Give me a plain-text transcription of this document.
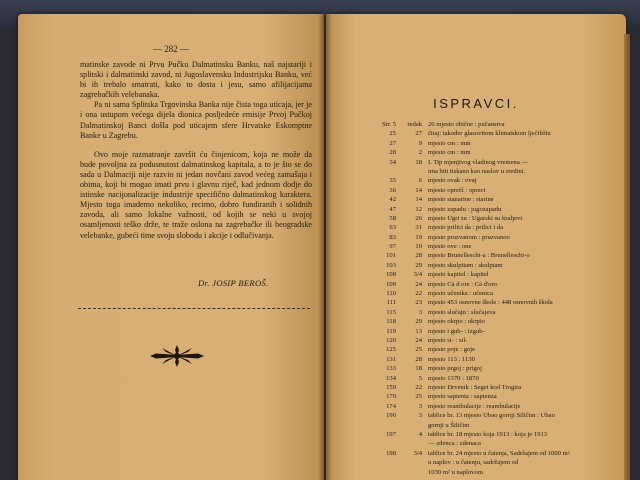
— 282 —

matinske zavode ni Prvu Pučku Dalmatinsku Banku, naš najstariji i splitski i dalmatinski zavod, ni Jugoslavensku Industrijsku Banku, već bi ih trebalo smatrati, kako to dosta i jesu, samo afilijacijama zagrebačkih velebanaka.

Pa ni sama Splitska Trgovinska Banka nije čista toga uticaja, jer je i ona ustupom većega dijela dionica posljedeće emisije Prvoj Pučkoj Dalmatinskoj Banci došla pod uticajem sfere Hrvatske Eskomptne Banke u Zagrebu.

Ovo moje razmatranje završit ću činjenicom, koja ne može da bude povoljna za podusnutost dalmatinskog kapitala, a to je što se do sada u Dalmaciji nije razvio ni jedan novčani zavod većeg zamašaja i obima, koji bi mogao imati prvu i glavnu riječ, kad jednom dodje do istinske nacijonalizacije industrije specifično dalmatinskog karaktera. Mjesto toga imademo nekoliko, recimo, dobro fundiranih i solidnih zavoda, ali samo lokalne važnosti, od kojih se neki u svojoj osamljenosti teško drže, te traže oslona na zagrebačke ili beogradske velebanke, gubeći time svoju slobodu i akcije i odlučivanja.

Dr. JOSIP BEROŠ.
ISPRAVCI.
Str. 5	redak 26 mjesto obične : pučanstva
25	27 čitaj: također glasovitom klimatskom lječilištu
27	9 mjesto cm : mm
28	2 mjesto cm : mm
34	18 I. Tip mjenjivog vladinog vremena —
ima biti tiskano kao naslov u sredini.
35	6 mjesto ovak : ovaj
36	14 mjesto oprečí : oprect
42	14 mjesto stanarine : starine
47	12 mjesto zapadu : jugozapadu
58	26 mjesto Ugri su : Ugarski su kraljevi
63	31 mjesto prilici da : prilici i da
83	19 mjesto pruzvanom : pruzvanoo
97	10 mjesto ove : one
101	28 mjesto Brunelleschi-a : Brunelleschi-o
103	29 mjesto skulpitam : skulptam
108	3/4 mjesto kapitol : kapitel
109	24 mjesto Cà d ore : Cà d'oro
110	22 mjesto učenika : učenica
111	23 mjesto 453 osnovne škole : 448 osnovnih škola
115	3 mjesto slučajn : slučajeva
118	29 mjesto okrpo : okrpio
119	13 mjesto i gub- : izgub-
120	24 mjesto si- : sil-
125	25 mjesto poje : goje
131	28 mjesto 113 : 1130
133	18 mjesto prgoj : prigoj
134	5 mjesto 1370 : 1870
159	22 mjesto Drvenik : Seget kod Trogira
170	25 mjesto sapienta : sapienza
174	3 mjesto reambulacije : reambulacije
190	3 tablice br. 13 mjesto Ubao gornji Siličim : Ubao
gornji u Šiličim
197	4 tablice br. 18 mjesto koja 1913 : koja je 1913
— zdenca : zdenaca
198	3/4 tablice br. 24 mjesto u čatenja, Sadržajem od 1000 m²
u naplov : u čatenju, sadržajem od
1030 m² u naplovom
